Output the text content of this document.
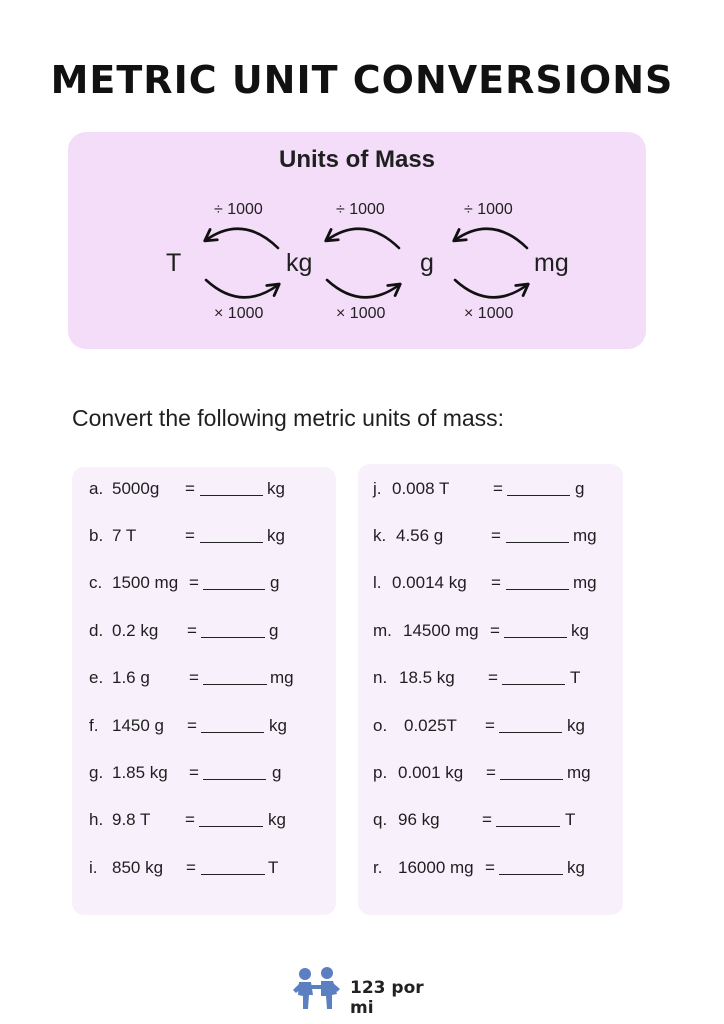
METRIC UNIT CONVERSIONS
Units of Mass
T	kg	g	mg
÷ 1000	÷ 1000	÷ 1000
× 1000	× 1000	× 1000
Convert the following metric units of mass:
a. 5000g =	kg
b. 7 T	=	kg
c. 1500 mg =	g
d. 0.2 kg =	g
e. 1.6 g =	mg
f. 1450 g =	kg
g. 1.85 kg =	g
h. 9.8 T =	kg
i. 850 kg =	T
j. 0.008 T	=	g
k. 4.56 g	=	mg
l. 0.0014 kg =	mg
m. 14500 mg =	kg
n. 18.5 kg =	T
o. 0.025T =	kg
p. 0.001 kg =	mg
q. 96 kg =	T
r. 16000 mg =	kg
123 por mi
